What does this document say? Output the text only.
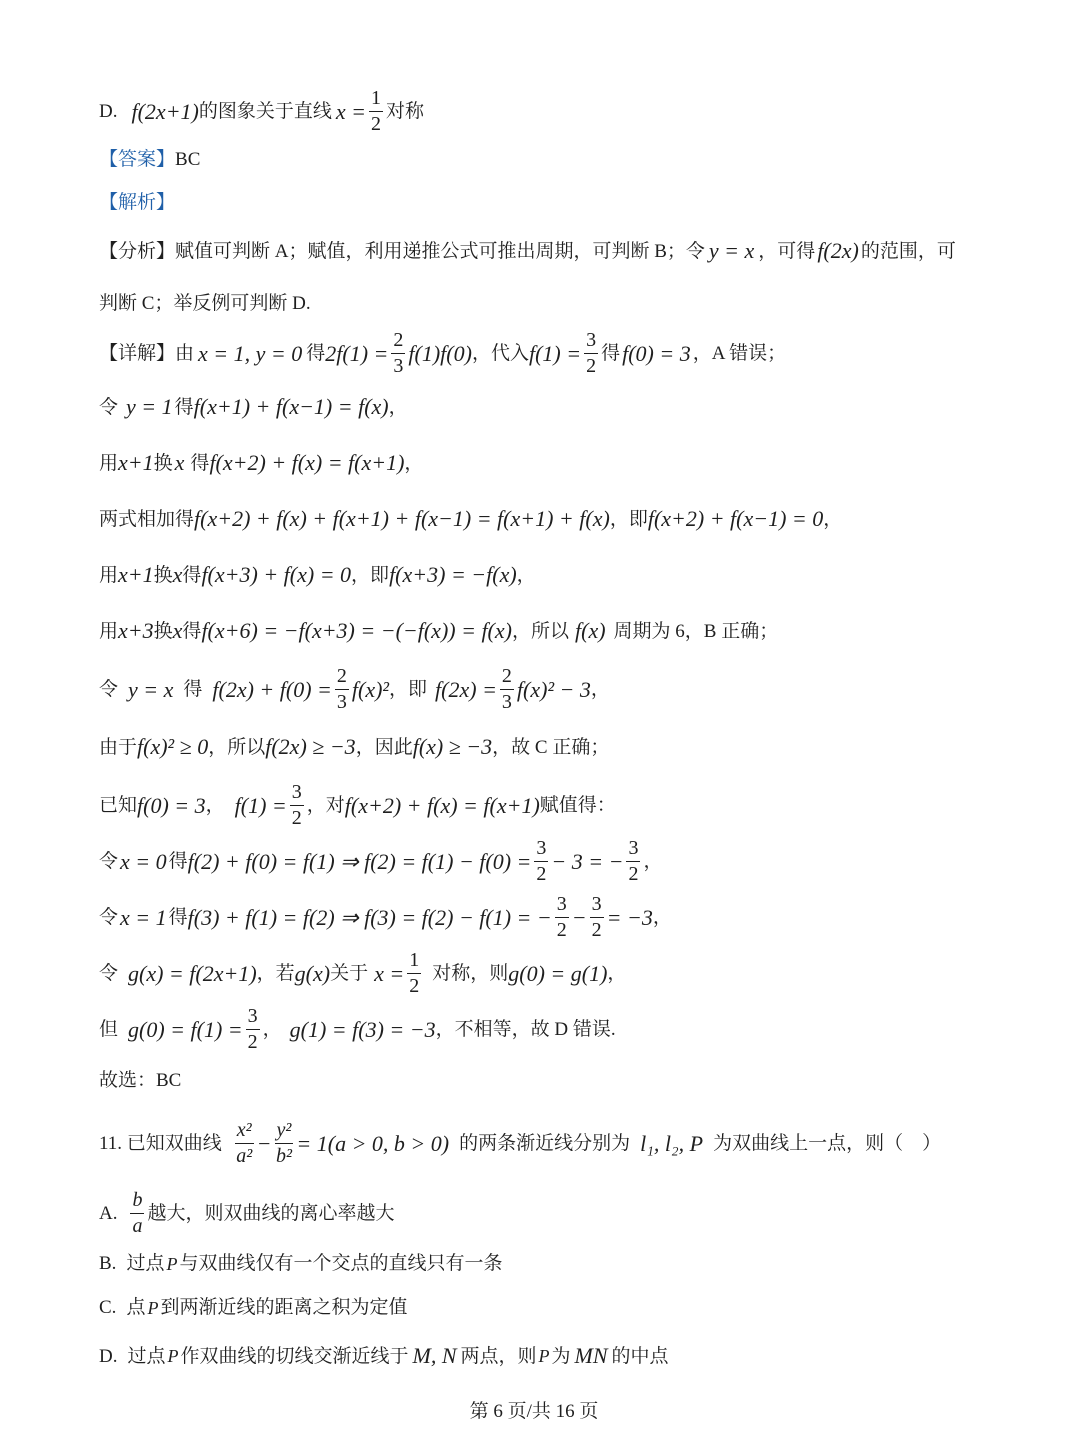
D. f(2x+1) 的图象关于直线 $x = \frac{1}{2}$ 对称
【答案】 BC
【解析】
【分析】 赋值可判断 A；赋值，利用递推公式可推出周期，可判断 B；令 y = x ，可得 f(2x) 的范围，可
判断 C；举反例可判断 D.
【详解】 由 x = 1, y = 0 得 $2f(1) = \frac{2}{3} f(1)f(0)$ ，代入 $f(1) = \frac{3}{2}$ 得 f(0) = 3 ，A 错误；
令 y = 1 得 f(x+1) + f(x−1) = f(x) ，
用 x+1 换 x 得 f(x+2) + f(x) = f(x+1) ，
两式相加得 f(x+2) + f(x) + f(x+1) + f(x−1) = f(x+1) + f(x) ，即 f(x+2) + f(x−1) = 0 ，
用 x+1 换 x 得 f(x+3) + f(x) = 0 ，即 f(x+3) = −f(x) ，
用 x+3 换 x 得 f(x+6) = −f(x+3) = −(−f(x)) = f(x) ，所以 f(x) 周期为 6，B 正确；
令 y = x 得 $f(2x) + f(0) = \frac{2}{3} f(x)^2$ ，即 $f(2x) = \frac{2}{3} f(x)^2 - 3$ ，
由于 f(x)² ≥ 0 ，所以 f(2x) ≥ −3 ，因此 f(x) ≥ −3 ，故 C 正确；
已知 f(0) = 3 ， $f(1) = \frac{3}{2}$ ，对 f(x+2) + f(x) = f(x+1) 赋值得：
令 x = 0 得 f(2) + f(0) = f(1) ⇒ $f(2) = f(1) - f(0) = \frac{3}{2} - 3$ = − $\frac{3}{2}$ ，
令 x = 1 得 f(3) + f(1) = f(2) ⇒ f(3) = f(2) − f(1) = − $\frac{3}{2} - \frac{3}{2} = -3$ ，
令 g(x) = f(2x+1) ，若 g(x) 关于 $x = \frac{1}{2}$ 对称，则 g(0) = g(1) ，
但 $g(0) = f(1) = \frac{3}{2}$ ， g(1) = f(3) = −3 ，不相等，故 D 错误.
故选：BC
11. 已知双曲线 $\frac{\text{x²}}{\text{a²}} - \frac{\text{y²}}{\text{b²}} = 1(a > 0$, b > 0) 的两条渐近线分别为 l₁, l₂, P 为双曲线上一点，则（　）
A. $\frac{b}{a}$ 越大，则双曲线的离心率越大
B. 过点 P 与双曲线仅有一个交点的直线只有一条
C. 点 P 到两渐近线的距离之积为定值
D. 过点 P 作双曲线的切线交渐近线于 M, N 两点，则 P 为 MN 的中点
第 6 页/共 16 页
